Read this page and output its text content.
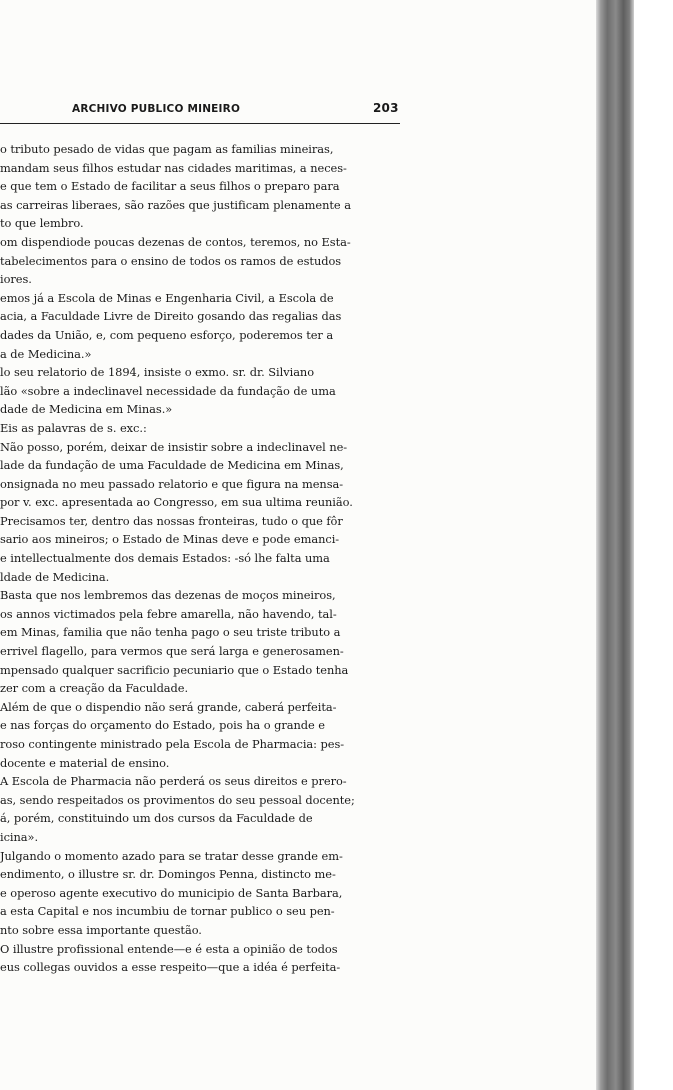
ARCHIVO PUBLICO MINEIRO	203
o tributo pesado de vidas que pagam as familias mineiras,
mandam seus filhos estudar nas cidades maritimas, a neces-
e que tem o Estado de facilitar a seus filhos o preparo para
as carreiras liberaes, são razões que justificam plenamente a
to que lembro.
om dispendiode poucas dezenas de contos, teremos, no Esta-
tabelecimentos para o ensino de todos os ramos de estudos
iores.
emos já a Escola de Minas e Engenharia Civil, a Escola de
acia, a Faculdade Livre de Direito gosando das regalias das
dades da União, e, com pequeno esforço, poderemos ter a
a de Medicina.»
lo seu relatorio de 1894, insiste o exmo. sr. dr. Silviano
lão «sobre a indeclinavel necessidade da fundação de uma
dade de Medicina em Minas.»
Eis as palavras de s. exc.:
Não posso, porém, deixar de insistir sobre a indeclinavel ne-
lade da fundação de uma Faculdade de Medicina em Minas,
onsignada no meu passado relatorio e que figura na mensa-
por v. exc. apresentada ao Congresso, em sua ultima reunião.
Precisamos ter, dentro das nossas fronteiras, tudo o que fôr
sario aos mineiros; o Estado de Minas deve e pode emanci-
e intellectualmente dos demais Estados: -só lhe falta uma
ldade de Medicina.
Basta que nos lembremos das dezenas de moços mineiros,
os annos victimados pela febre amarella, não havendo, tal-
em Minas, familia que não tenha pago o seu triste tributo a
errivel flagello, para vermos que será larga e generosamen-
mpensado qualquer sacrificio pecuniario que o Estado tenha
zer com a creação da Faculdade.
Além de que o dispendio não será grande, caberá perfeita-
e nas forças do orçamento do Estado, pois ha o grande e
roso contingente ministrado pela Escola de Pharmacia: pes-
docente e material de ensino.
A Escola de Pharmacia não perderá os seus direitos e prero-
as, sendo respeitados os provimentos do seu pessoal docente;
á, porém, constituindo um dos cursos da Faculdade de
icina».
Julgando o momento azado para se tratar desse grande em-
endimento, o illustre sr. dr. Domingos Penna, distincto me-
e operoso agente executivo do municipio de Santa Barbara,
a esta Capital e nos incumbiu de tornar publico o seu pen-
nto sobre essa importante questão.
O illustre profissional entende—e é esta a opinião de todos
eus collegas ouvidos a esse respeito—que a idéa é perfeita-
